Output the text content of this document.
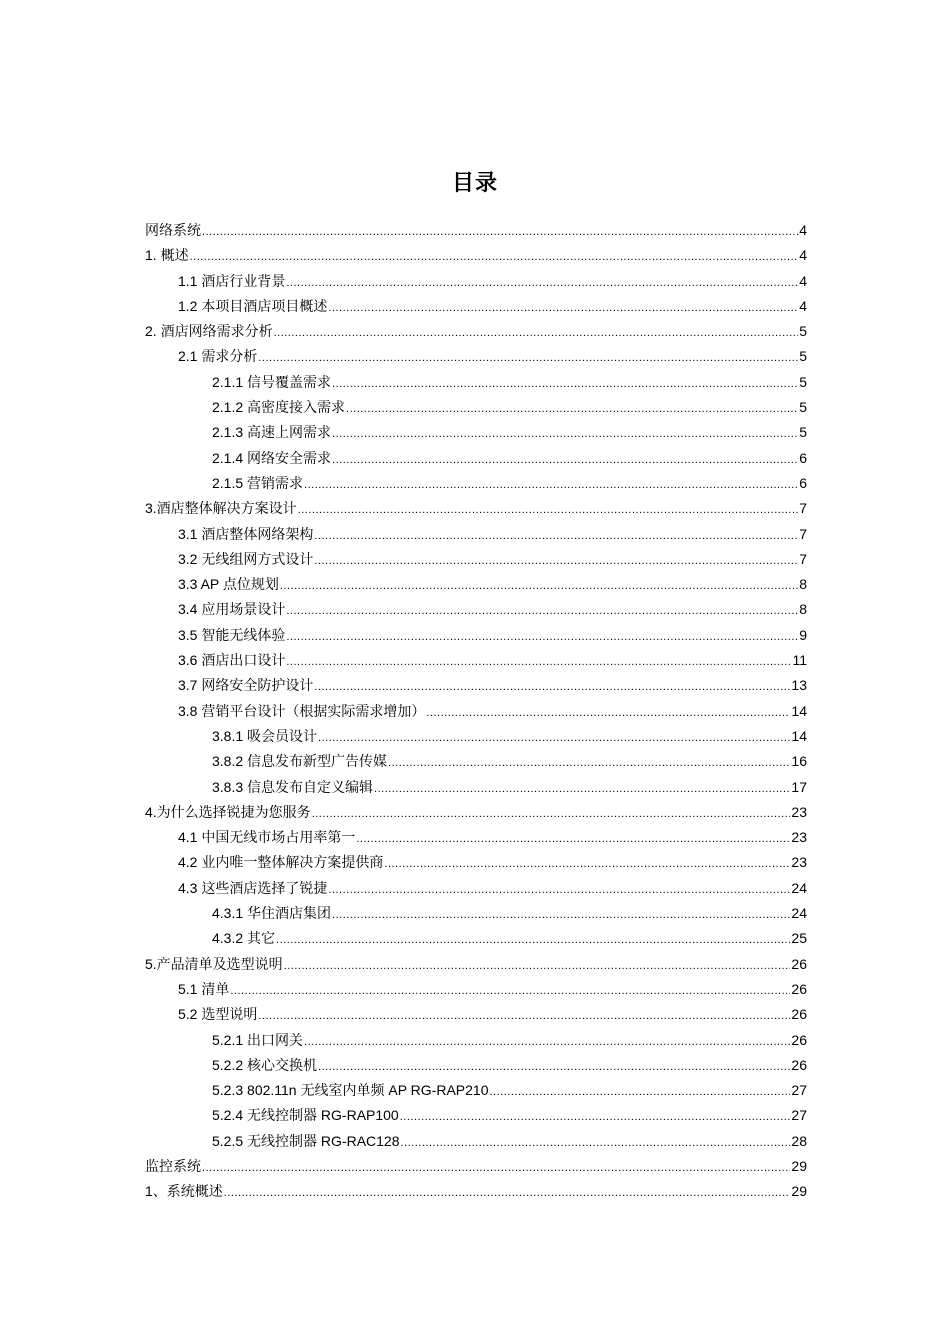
目录
网络系统 .....	4
1. 概述 .....	4
1.1 酒店行业背景 .....	4
1.2 本项目酒店项目概述 .....	4
2. 酒店网络需求分析 .....	5
2.1 需求分析 .....	5
2.1.1 信号覆盖需求 .....	5
2.1.2 高密度接入需求 .....	5
2.1.3 高速上网需求 .....	5
2.1.4 网络安全需求 .....	6
2.1.5 营销需求 .....	6
3.酒店整体解决方案设计 .....	7
3.1 酒店整体网络架构 .....	7
3.2 无线组网方式设计 .....	7
3.3 AP 点位规划 .....	8
3.4 应用场景设计 .....	8
3.5 智能无线体验 .....	9
3.6 酒店出口设计 .....	11
3.7 网络安全防护设计 .....	13
3.8 营销平台设计（根据实际需求增加） .....	14
3.8.1 吸会员设计 .....	14
3.8.2 信息发布新型广告传媒 .....	16
3.8.3 信息发布自定义编辑 .....	17
4.为什么选择锐捷为您服务 .....	23
4.1 中国无线市场占用率第一 .....	23
4.2 业内唯一整体解决方案提供商 .....	23
4.3 这些酒店选择了锐捷 .....	24
4.3.1 华住酒店集团 .....	24
4.3.2 其它 .....	25
5.产品清单及选型说明 .....	26
5.1 清单 .....	26
5.2 选型说明 .....	26
5.2.1 出口网关 .....	26
5.2.2 核心交换机 .....	26
5.2.3 802.11n 无线室内单频 AP RG-RAP210 .....	27
5.2.4 无线控制器 RG-RAP100 .....	27
5.2.5 无线控制器 RG-RAC128 .....	28
监控系统 .....	29
1、系统概述 .....	29
